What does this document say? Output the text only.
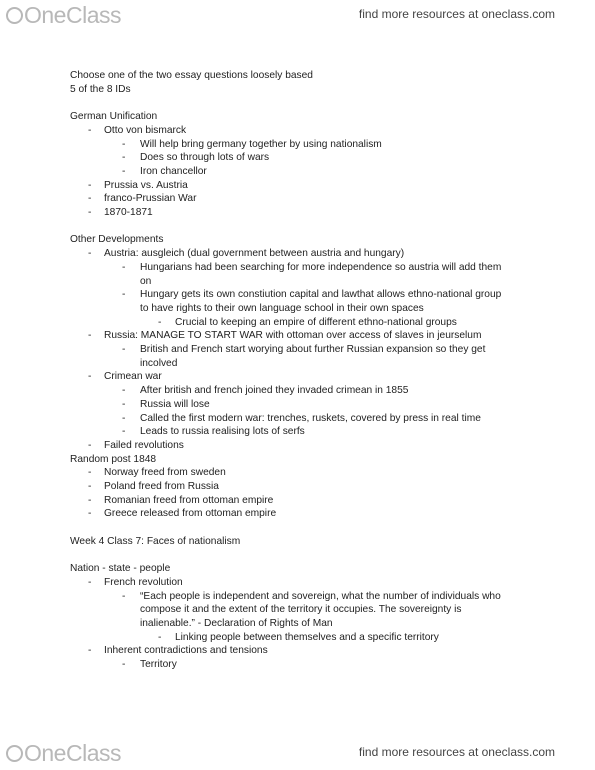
OneClass	find more resources at oneclass.com
Choose one of the two essay questions loosely based
5 of the 8 IDs
German Unification
- Otto von bismarck
- Will help bring germany together by using nationalism
- Does so through lots of wars
- Iron chancellor
- Prussia vs. Austria
- franco-Prussian War
- 1870-1871
Other Developments
- Austria: ausgleich (dual government between austria and hungary)
- Hungarians had been searching for more independence so austria will add them
on
- Hungary gets its own constiution capital and lawthat allows ethno-national group
to have rights to their own language school in their own spaces
- Crucial to keeping an empire of different ethno-national groups
- Russia: MANAGE TO START WAR with ottoman over access of slaves in jeurselum
- British and French start worying about further Russian expansion so they get
incolved
- Crimean war
- After british and french joined they invaded crimean in 1855
- Russia will lose
- Called the first modern war: trenches, ruskets, covered by press in real time
- Leads to russia realising lots of serfs
- Failed revolutions
Random post 1848
- Norway freed from sweden
- Poland freed from Russia
- Romanian freed from ottoman empire
- Greece released from ottoman empire
Week 4 Class 7: Faces of nationalism
Nation - state - people
- French revolution
- “Each people is independent and sovereign, what the number of individuals who
compose it and the extent of the territory it occupies. The sovereignty is
inalienable.” - Declaration of Rights of Man
- Linking people between themselves and a specific territory
- Inherent contradictions and tensions
- Territory
OneClass	find more resources at oneclass.com
